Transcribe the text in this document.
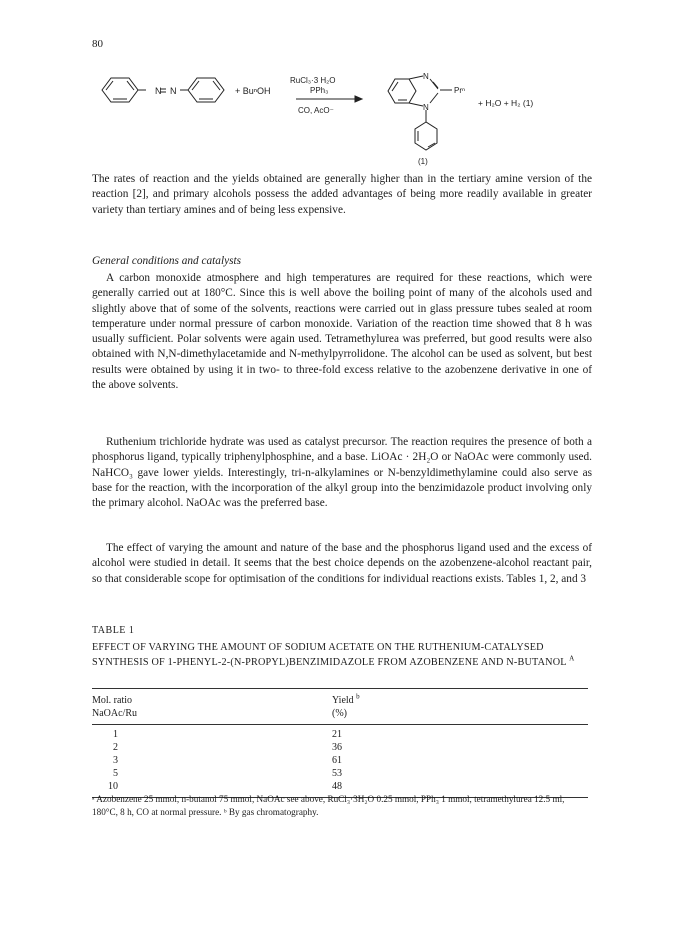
80
N N
RuCl₃·3 H₂O
PPh₃
CO, AcO⁻
+ BuⁿOH
N
N
Prⁿ
+ H₂O + H₂ (1)
(1)

The rates of reaction and the yields obtained are generally higher than in the tertiary amine version of the reaction [2], and primary alcohols possess the added advantages of being more readily available in greater variety than tertiary amines and of being less expensive.

General conditions and catalysts

A carbon monoxide atmosphere and high temperatures are required for these reactions, which were generally carried out at 180°C. Since this is well above the boiling point of many of the alcohols used and slightly above that of some of the solvents, reactions were carried out in glass pressure tubes sealed at room temperature under normal pressure of carbon monoxide. Variation of the reaction time showed that 8 h was usually sufficient. Polar solvents were again used. Tetramethylurea was preferred, but good results were also obtained with N,N-dimethylacetamide and N-methylpyrrolidone. The alcohol can be used as solvent, but best results were obtained by using it in two- to three-fold excess relative to the azobenzene derivative in one of the above solvents.

Ruthenium trichloride hydrate was used as catalyst precursor. The reaction requires the presence of both a phosphorus ligand, typically triphenylphosphine, and a base. LiOAc · 2H₂O or NaOAc were commonly used. NaHCO₃ gave lower yields. Interestingly, tri-n-alkylamines or N-benzyldimethylamine could also serve as base for the reaction, with the incorporation of the alkyl group into the benzimidazole product involving only the primary alcohol. NaOAc was the preferred base.

The effect of varying the amount and nature of the base and the phosphorus ligand used and the excess of alcohol were studied in detail. It seems that the best choice depends on the azobenzene-alcohol reactant pair, so that considerable scope for optimisation of the conditions for individual reactions exists. Tables 1, 2, and 3

TABLE 1

EFFECT OF VARYING THE AMOUNT OF SODIUM ACETATE ON THE RUTHENIUM-CATALYSED SYNTHESIS OF 1-PHENYL-2-(N-PROPYL)BENZIMIDAZOLE FROM AZOBENZENE AND N-BUTANOL $^A$

Mol. ratio	Yield $^b$
NaOAc/Ru	(%)
1	21
2	36
3	61
5	53
10	48

ᵃ Azobenzene 25 mmol, n-butanol 75 mmol, NaOAc see above, RuCl₃·3H₂O 0.25 mmol, PPh₃ 1 mmol, tetramethylurea 12.5 ml, 180°C, 8 h, CO at normal pressure. ᵇ By gas chromatography.
